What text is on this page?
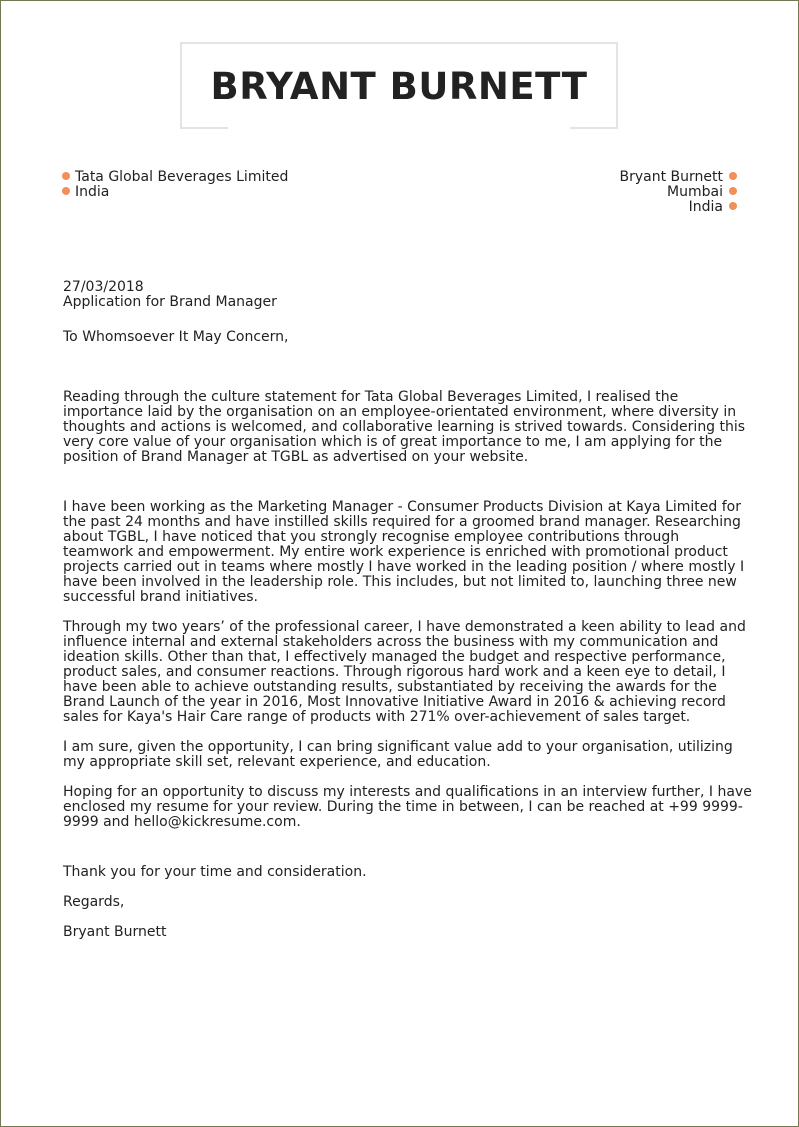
BRYANT BURNETT
Tata Global Beverages Limited
India
Bryant Burnett
Mumbai
India

27/03/2018

Application for Brand Manager

To Whomsoever It May Concern,

Reading through the culture statement for Tata Global Beverages Limited, I realised the importance laid by the organisation on an employee-orientated environment, where diversity in thoughts and actions is welcomed, and collaborative learning is strived towards. Considering this very core value of your organisation which is of great importance to me, I am applying for the position of Brand Manager at TGBL as advertised on your website.

I have been working as the Marketing Manager - Consumer Products Division at Kaya Limited for the past 24 months and have instilled skills required for a groomed brand manager. Researching about TGBL, I have noticed that you strongly recognise employee contributions through teamwork and empowerment. My entire work experience is enriched with promotional product projects carried out in teams where mostly I have worked in the leading position / where mostly I have been involved in the leadership role. This includes, but not limited to, launching three new successful brand initiatives.

Through my two years’ of the professional career, I have demonstrated a keen ability to lead and influence internal and external stakeholders across the business with my communication and ideation skills. Other than that, I effectively managed the budget and respective performance, product sales, and consumer reactions. Through rigorous hard work and a keen eye to detail, I have been able to achieve outstanding results, substantiated by receiving the awards for the Brand Launch of the year in 2016, Most Innovative Initiative Award in 2016 & achieving record sales for Kaya's Hair Care range of products with 271% over-achievement of sales target.

I am sure, given the opportunity, I can bring significant value add to your organisation, utilizing my appropriate skill set, relevant experience, and education.

Hoping for an opportunity to discuss my interests and qualifications in an interview further, I have enclosed my resume for your review. During the time in between, I can be reached at +99 9999-9999 and hello@kickresume.com.

Thank you for your time and consideration.

Regards,

Bryant Burnett
